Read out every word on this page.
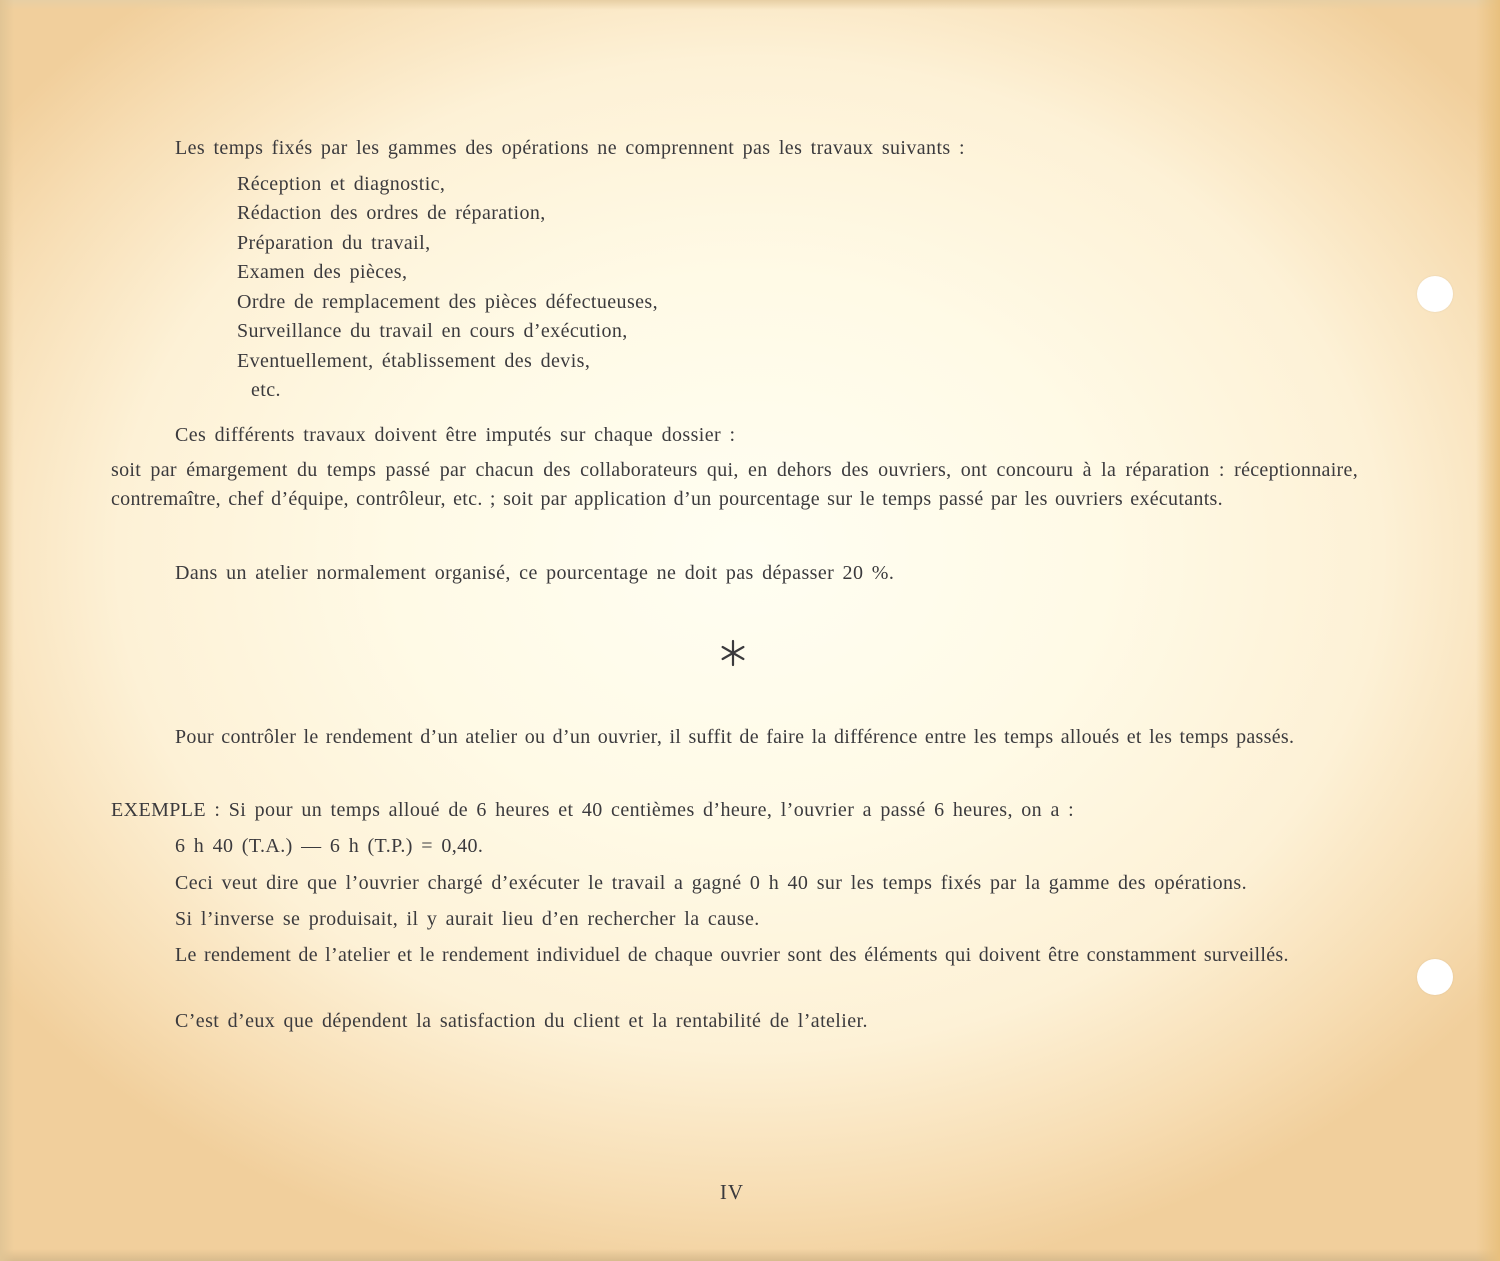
Les temps fixés par les gammes des opérations ne comprennent pas les travaux suivants :
Réception et diagnostic,
Rédaction des ordres de réparation,
Préparation du travail,
Examen des pièces,
Ordre de remplacement des pièces défectueuses,
Surveillance du travail en cours d’exécution,
Eventuellement, établissement des devis,
etc.
Ces différents travaux doivent être imputés sur chaque dossier :
soit par émargement du temps passé par chacun des collaborateurs qui, en dehors des ouvriers, ont concouru à la réparation : réceptionnaire, contremaître, chef d’équipe, contrôleur, etc. ; soit par application d’un pourcentage sur le temps passé par les ouvriers exécutants.
Dans un atelier normalement organisé, ce pourcentage ne doit pas dépasser 20 %.
Pour contrôler le rendement d’un atelier ou d’un ouvrier, il suffit de faire la différence entre les temps alloués et les temps passés.
EXEMPLE : Si pour un temps alloué de 6 heures et 40 centièmes d’heure, l’ouvrier a passé 6 heures, on a :
6 h 40 (T.A.) — 6 h (T.P.) = 0,40.
Ceci veut dire que l’ouvrier chargé d’exécuter le travail a gagné 0 h 40 sur les temps fixés par la gamme des opérations.
Si l’inverse se produisait, il y aurait lieu d’en rechercher la cause.
Le rendement de l’atelier et le rendement individuel de chaque ouvrier sont des éléments qui doivent être constamment surveillés.
C’est d’eux que dépendent la satisfaction du client et la rentabilité de l’atelier.
IV
